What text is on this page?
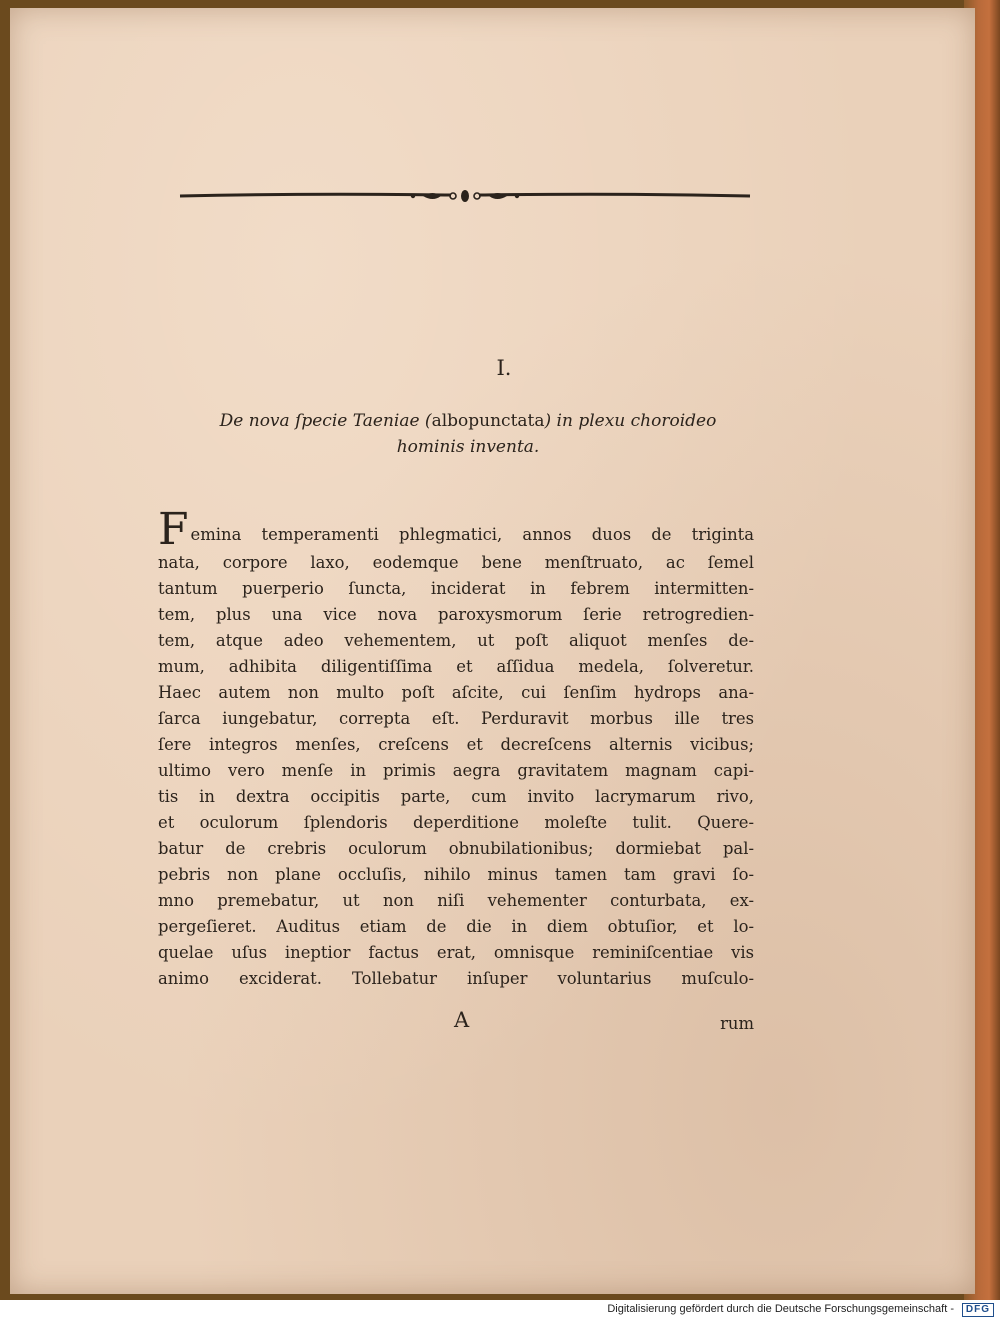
I.
De nova ſpecie Taeniae (albopunctata) in plexu choroideo
hominis inventa.
Femina temperamenti phlegmatici, annos duos de triginta
nata, corpore laxo, eodemque bene menſtruato, ac ſemel
tantum puerperio ſuncta, inciderat in febrem intermitten-
tem, plus una vice nova paroxysmorum ſerie retrogredien-
tem, atque adeo vehementem, ut poſt aliquot menſes de-
mum, adhibita diligentiſſima et aſſidua medela, ſolveretur.
Haec autem non multo poſt aſcite, cui ſenſim hydrops ana-
ſarca iungebatur, correpta eſt. Perduravit morbus ille tres
ſere integros menſes, creſcens et decreſcens alternis vicibus;
ultimo vero menſe in primis aegra gravitatem magnam capi-
tis in dextra occipitis parte, cum invito lacrymarum rivo,
et oculorum ſplendoris deperditione moleſte tulit. Quere-
batur de crebris oculorum obnubilationibus; dormiebat pal-
pebris non plane occluſis, nihilo minus tamen tam gravi ſo-
mno premebatur, ut non niſi vehementer conturbata, ex-
pergeſieret. Auditus etiam de die in diem obtuſior, et lo-
quelae uſus ineptior factus erat, omnisque reminiſcentiae vis
animo exciderat. Tollebatur inſuper voluntarius muſculo-
A	rum
Digitalisierung gefördert durch die Deutsche Forschungsgemeinschaft -	DFG
